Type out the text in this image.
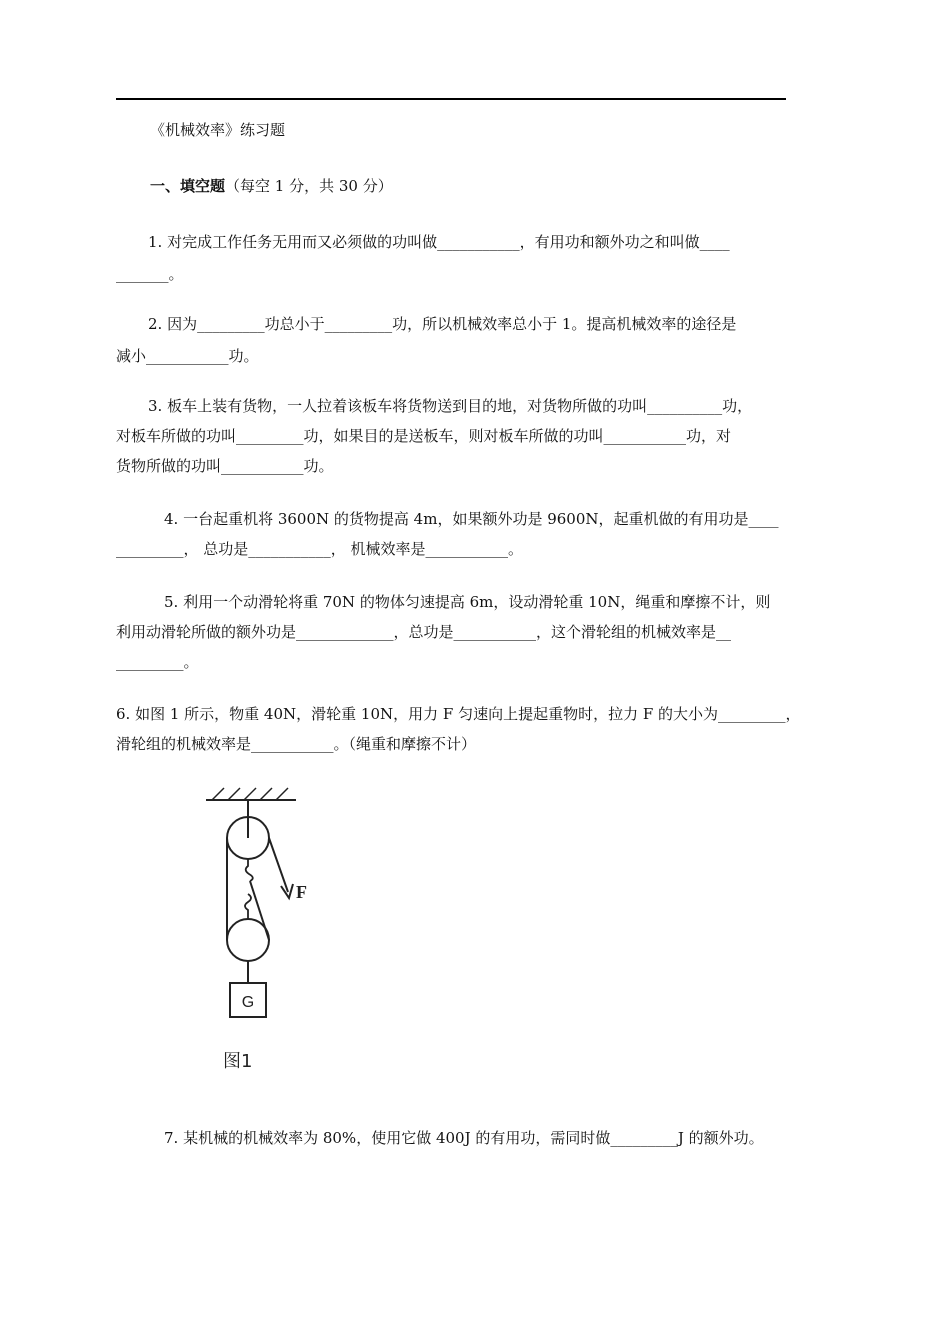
《机械效率》练习题
一、填空题（每空 1 分，共 30 分）
1. 对完成工作任务无用而又必须做的功叫做___________，有用功和额外功之和叫做____
_______。
2. 因为_________功总小于_________功，所以机械效率总小于 1。提高机械效率的途径是
减小___________功。
3. 板车上装有货物，一人拉着该板车将货物送到目的地，对货物所做的功叫__________功，
对板车所做的功叫_________功，如果目的是送板车，则对板车所做的功叫___________功，对
货物所做的功叫___________功。
4. 一台起重机将 3600N 的货物提高 4m，如果额外功是 9600N，起重机做的有用功是____
_________， 总功是___________， 机械效率是___________。
5. 利用一个动滑轮将重 70N 的物体匀速提高 6m，设动滑轮重 10N，绳重和摩擦不计，则
利用动滑轮所做的额外功是_____________，总功是___________，这个滑轮组的机械效率是__
_________。
6. 如图 1 所示，物重 40N，滑轮重 10N，用力 F 匀速向上提起重物时，拉力 F 的大小为_________，
滑轮组的机械效率是___________。（绳重和摩擦不计）
G
F
图1
7. 某机械的机械效率为 80%，使用它做 400J 的有用功，需同时做_________J 的额外功。
